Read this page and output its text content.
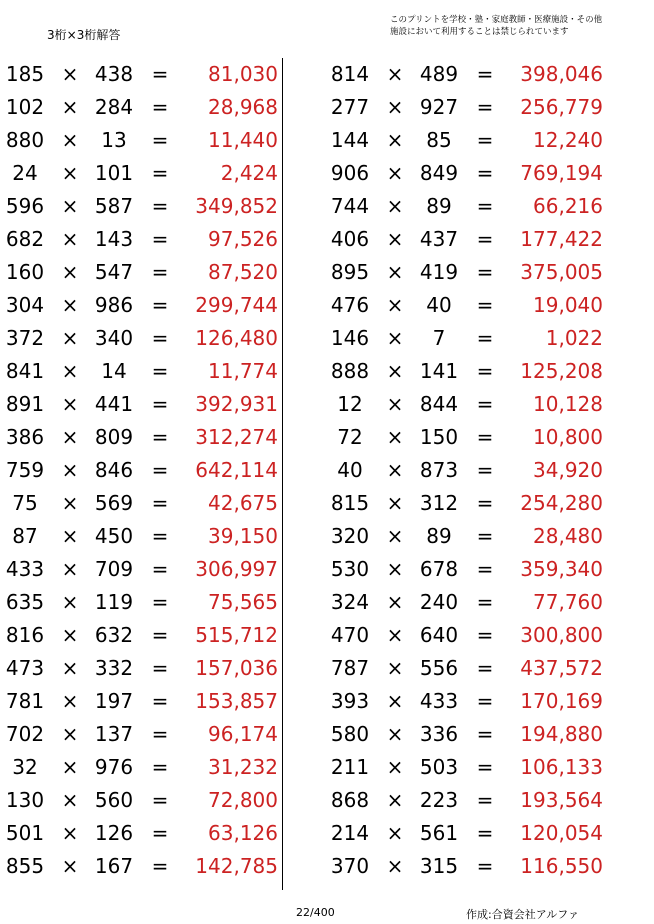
3桁×3桁解答
このプリントを学校・塾・家庭教師・医療施設・その他
施設において利用することは禁じられています
185 × 438 =	81,030
102 × 284 =	28,968
880 ×	13	=	11,440
24	× 101 =	2,424
596 × 587 =	349,852
682 × 143 =	97,526
160 × 547 =	87,520
304 × 986 =	299,744
372 × 340 =	126,480
841 ×	14	=	11,774
891 × 441 =	392,931
386 × 809 =	312,274
759 × 846 =	642,114
75	× 569 =	42,675
87	× 450 =	39,150
433 × 709 =	306,997
635 × 119 =	75,565
816 × 632 =	515,712
473 × 332 =	157,036
781 × 197 =	153,857
702 × 137 =	96,174
32	× 976 =	31,232
130 × 560 =	72,800
501 × 126 =	63,126
855 × 167 =	142,785
814 × 489 =	398,046
277 × 927 =	256,779
144 ×	85	=	12,240
906 × 849 =	769,194
744 ×	89	=	66,216
406 × 437 =	177,422
895 × 419 =	375,005
476 ×	40	=	19,040
146 ×	7	=	1,022
888 × 141 =	125,208
12	× 844 =	10,128
72	× 150 =	10,800
40	× 873 =	34,920
815 × 312 =	254,280
320 ×	89	=	28,480
530 × 678 =	359,340
324 × 240 =	77,760
470 × 640 =	300,800
787 × 556 =	437,572
393 × 433 =	170,169
580 × 336 =	194,880
211 × 503 =	106,133
868 × 223 =	193,564
214 × 561 =	120,054
370 × 315 =	116,550
22/400	作成:合資会社アルファ
